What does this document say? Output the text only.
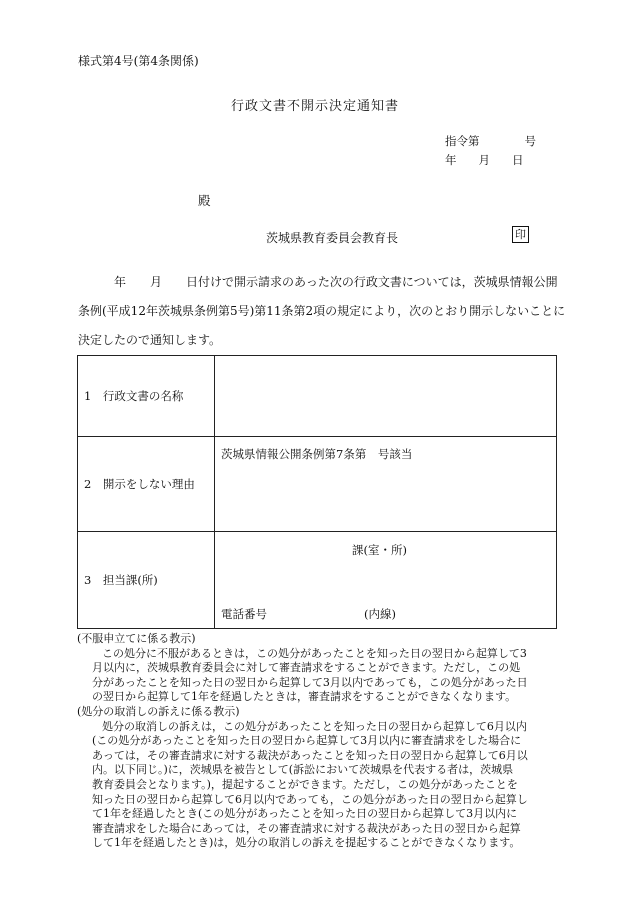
様式第4号(第4条関係)
行政文書不開示決定通知書
指令第	号
年 月 日
殿
茨城県教育委員会教育長	印
　　　年　　月　　日付けで開示請求のあった次の行政文書については，茨城県情報公開
条例(平成12年茨城県条例第5号)第11条第2項の規定により，次のとおり開示しないことに
決定したので通知します。
1　行政文書の名称	
2　開示をしない理由	茨城県情報公開条例第7条第　号該当

3　担当課(所)	課(室・所)
電話番号 (内線)
(不服申立てに係る教示)
この処分に不服があるときは，この処分があったことを知った日の翌日から起算して3
月以内に，茨城県教育委員会に対して審査請求をすることができます。ただし，この処
分があったことを知った日の翌日から起算して3月以内であっても，この処分があった日
の翌日から起算して1年を経過したときは，審査請求をすることができなくなります。
(処分の取消しの訴えに係る教示)
処分の取消しの訴えは，この処分があったことを知った日の翌日から起算して6月以内
(この処分があったことを知った日の翌日から起算して3月以内に審査請求をした場合に
あっては，その審査請求に対する裁決があったことを知った日の翌日から起算して6月以
内。以下同じ。)に，茨城県を被告として(訴訟において茨城県を代表する者は，茨城県
教育委員会となります。)，提起することができます。ただし，この処分があったことを
知った日の翌日から起算して6月以内であっても，この処分があった日の翌日から起算し
て1年を経過したとき(この処分があったことを知った日の翌日から起算して3月以内に
審査請求をした場合にあっては，その審査請求に対する裁決があった日の翌日から起算
して1年を経過したとき)は，処分の取消しの訴えを提起することができなくなります。
